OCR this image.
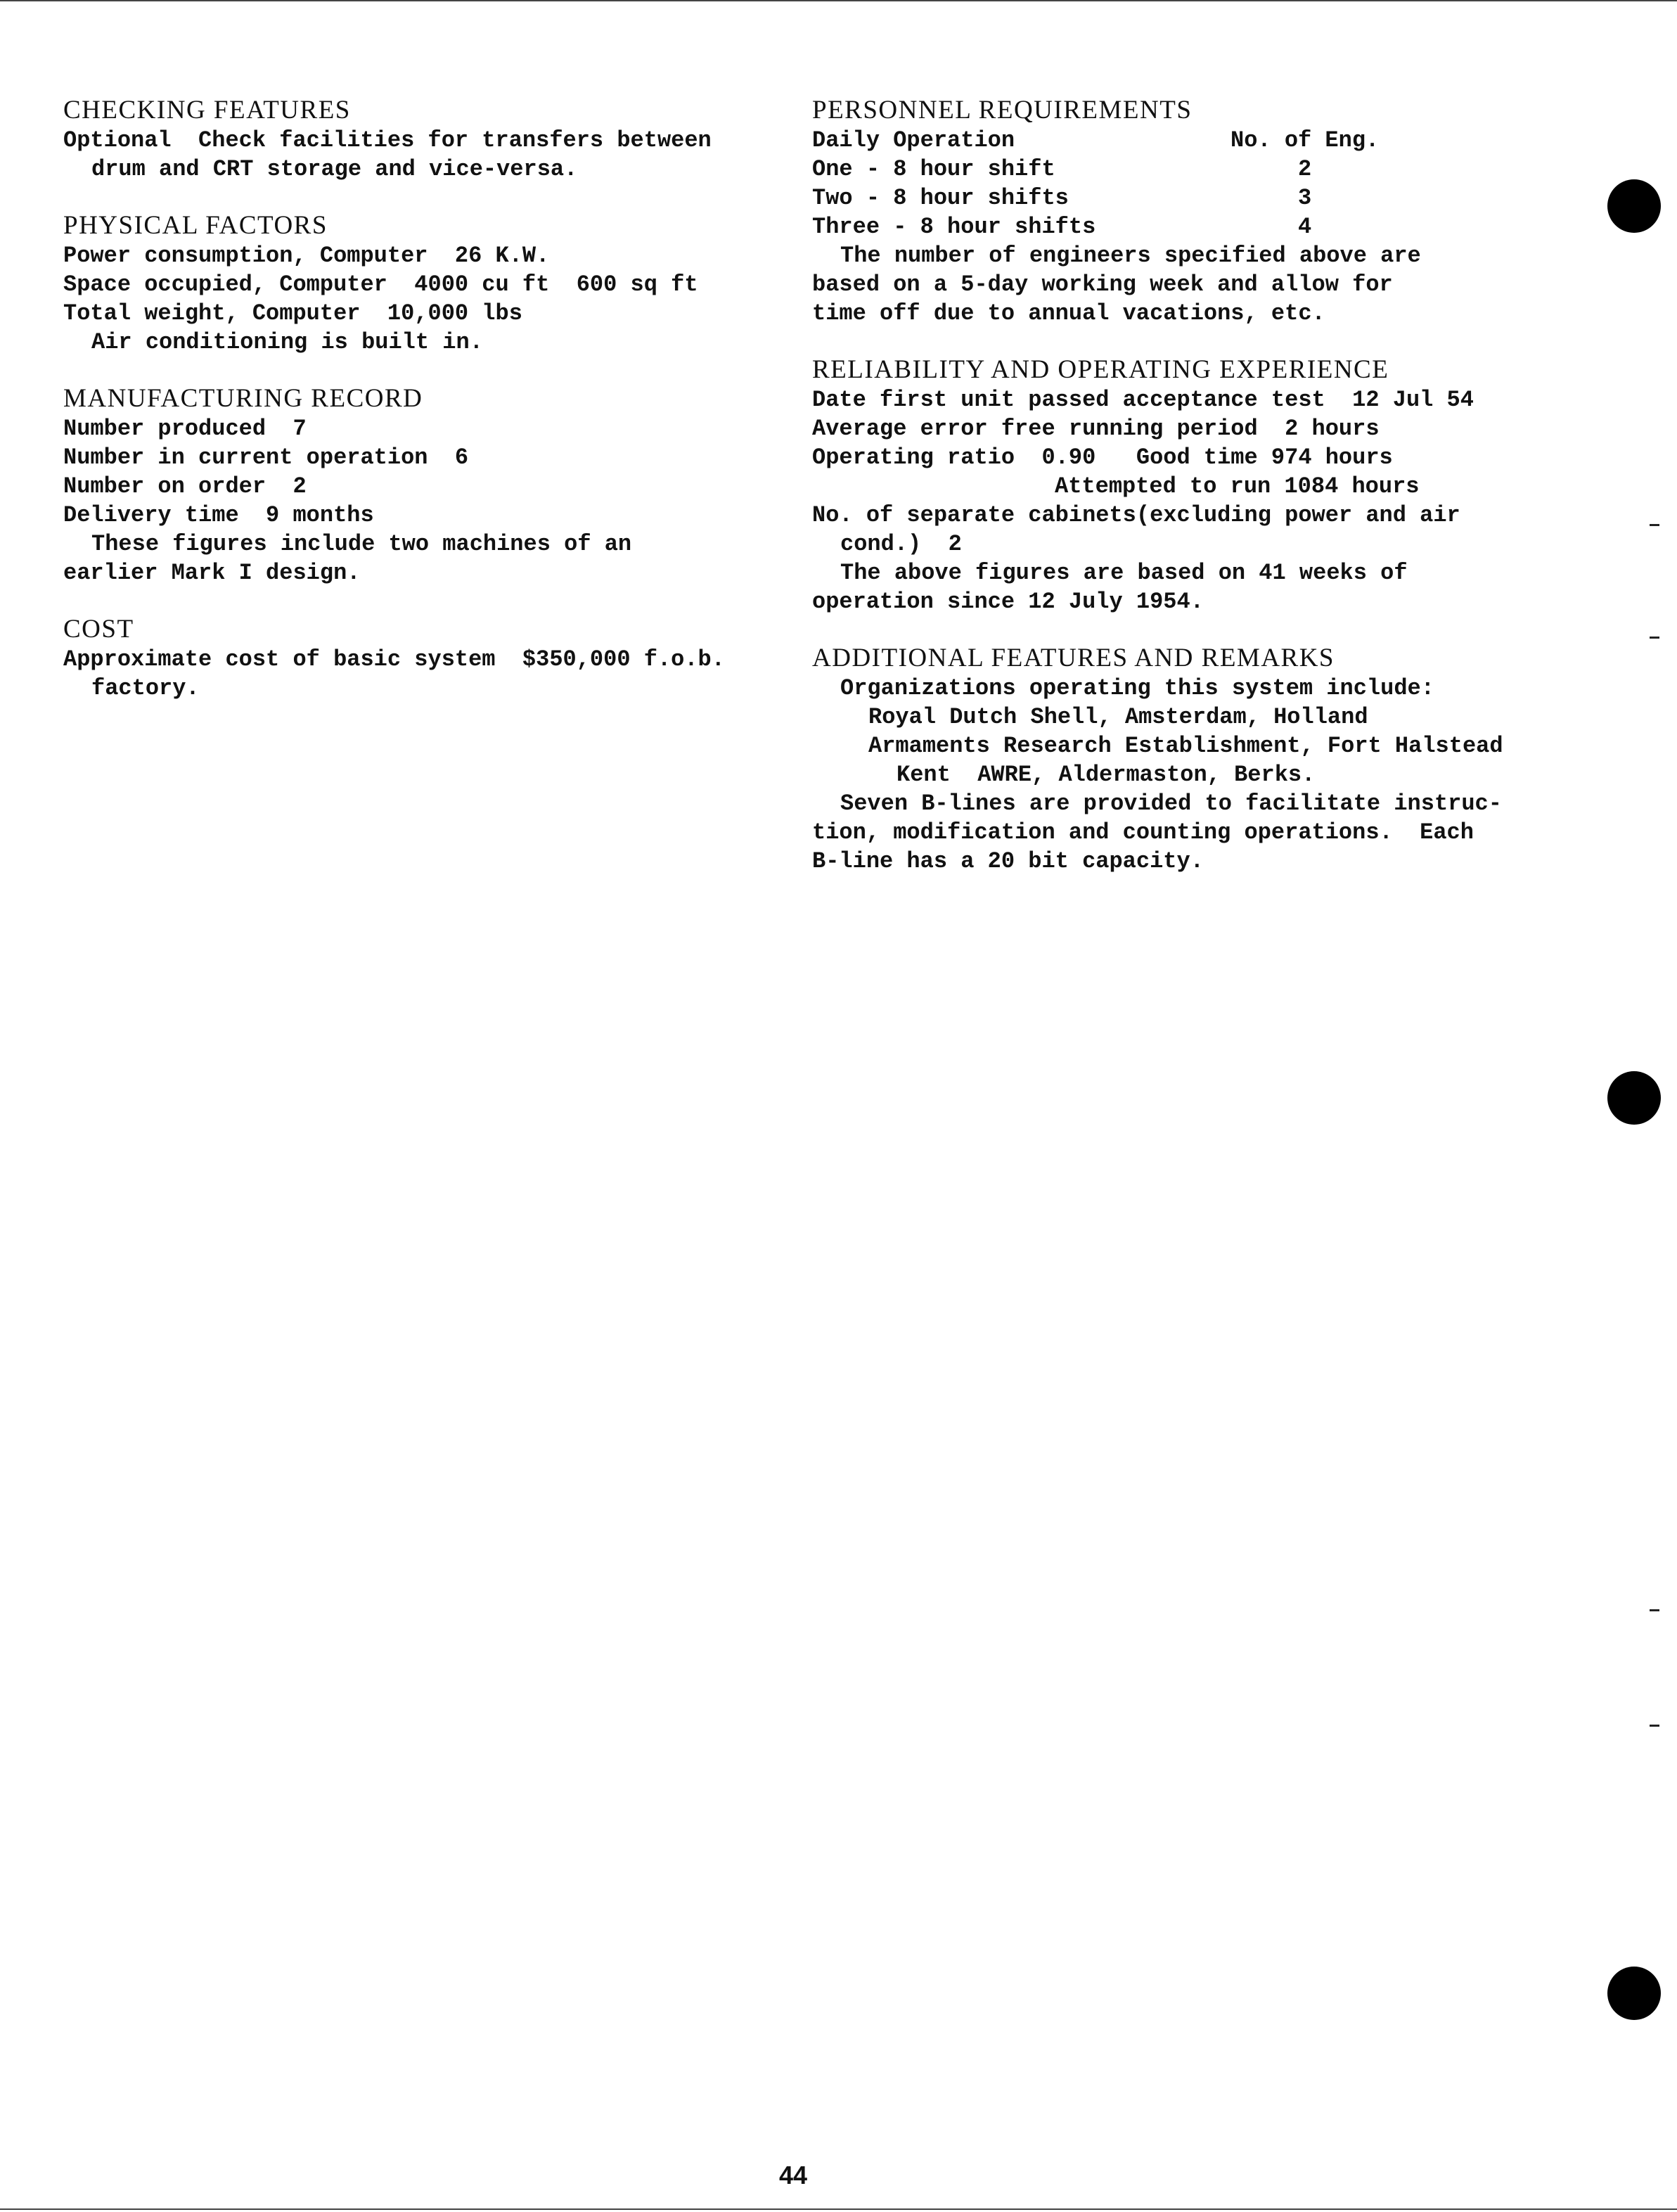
CHECKING FEATURES
Optional  Check facilities for transfers between
drum and CRT storage and vice-versa.
PHYSICAL FACTORS
Power consumption, Computer  26 K.W.
Space occupied, Computer  4000 cu ft  600 sq ft
Total weight, Computer  10,000 lbs
Air conditioning is built in.
MANUFACTURING RECORD
Number produced  7
Number in current operation  6
Number on order  2
Delivery time  9 months
These figures include two machines of an
earlier Mark I design.
COST
Approximate cost of basic system  $350,000 f.o.b.
factory.
PERSONNEL REQUIREMENTS
Daily Operation	No. of Eng.
One - 8 hour shift	2
Two - 8 hour shifts	3
Three - 8 hour shifts	4
The number of engineers specified above are
based on a 5-day working week and allow for
time off due to annual vacations, etc.
RELIABILITY AND OPERATING EXPERIENCE
Date first unit passed acceptance test  12 Jul 54
Average error free running period  2 hours
Operating ratio  0.90   Good time 974 hours
Attempted to run 1084 hours
No. of separate cabinets(excluding power and air
cond.)  2
The above figures are based on 41 weeks of
operation since 12 July 1954.
ADDITIONAL FEATURES AND REMARKS
Organizations operating this system include:
Royal Dutch Shell, Amsterdam, Holland
Armaments Research Establishment, Fort Halstead
Kent  AWRE, Aldermaston, Berks.
Seven B-lines are provided to facilitate instruc-
tion, modification and counting operations.  Each
B-line has a 20 bit capacity.
44
